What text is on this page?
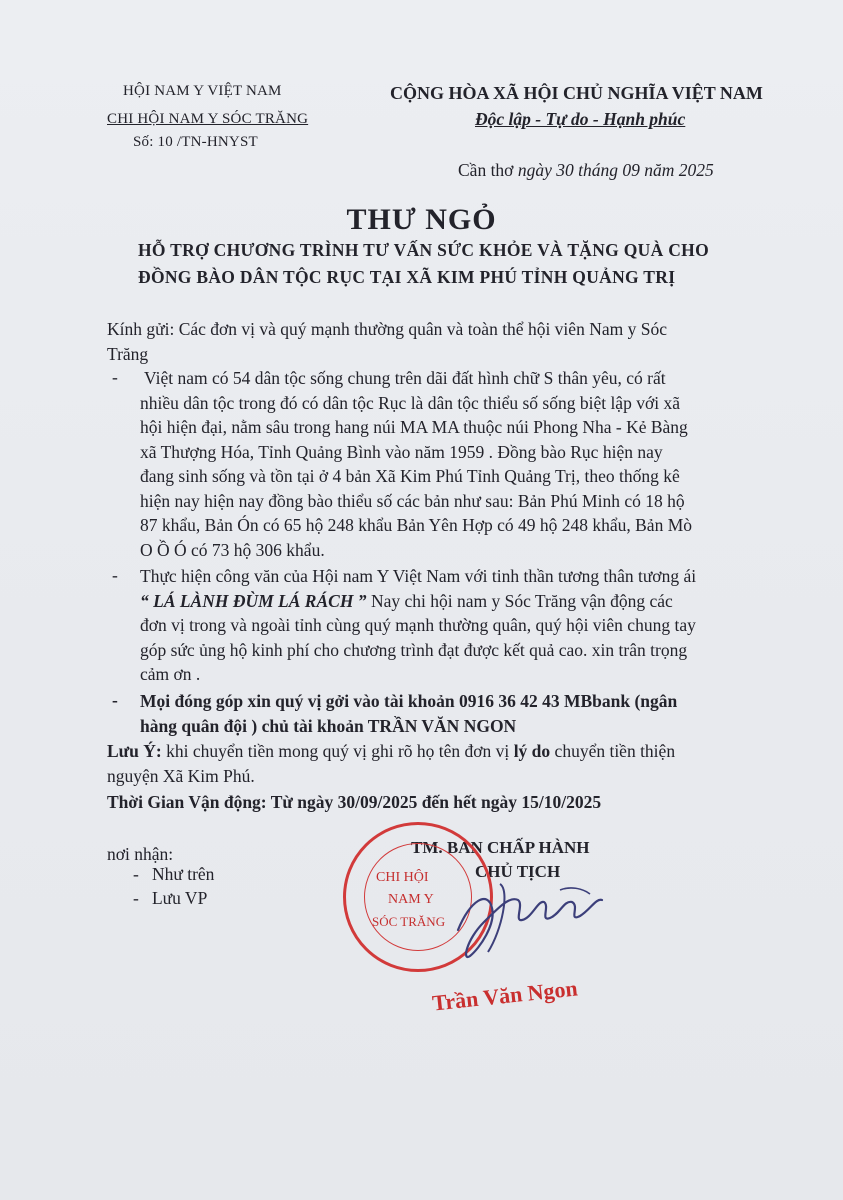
HỘI NAM Y VIỆT NAM
CHI HỘI NAM Y SÓC TRĂNG
Số: 10 /TN-HNYST
CỘNG HÒA XÃ HỘI CHỦ NGHĨA VIỆT NAM
Độc lập - Tự do - Hạnh phúc
Cần thơ ngày 30 tháng 09 năm 2025
THƯ NGỎ
HỖ TRỢ CHƯƠNG TRÌNH TƯ VẤN SỨC KHỎE VÀ TẶNG QUÀ CHO
ĐỒNG BÀO DÂN TỘC RỤC TẠI XÃ KIM PHÚ TỈNH QUẢNG TRỊ
Kính gửi: Các đơn vị và quý mạnh thường quân và toàn thể hội viên Nam y Sóc
Trăng
- Việt nam có 54 dân tộc sống chung trên dãi đất hình chữ S thân yêu, có rất
nhiều dân tộc trong đó có dân tộc Rục là dân tộc thiểu số sống biệt lập với xã
hội hiện đại, nằm sâu trong hang núi MA MA thuộc núi Phong Nha - Kẻ Bàng
xã Thượng Hóa, Tỉnh Quảng Bình vào năm 1959 . Đồng bào Rục hiện nay
đang sinh sống và tồn tại ở 4 bản Xã Kim Phú Tỉnh Quảng Trị, theo thống kê
hiện nay hiện nay đồng bào thiểu số các bản như sau: Bản Phú Minh có 18 hộ
87 khẩu, Bản Ón có 65 hộ 248 khẩu Bản Yên Hợp có 49 hộ 248 khẩu, Bản Mò
O Ồ Ó có 73 hộ 306 khẩu.
- Thực hiện công văn của Hội nam Y Việt Nam với tinh thần tương thân tương ái
“ LÁ LÀNH ĐÙM LÁ RÁCH ” Nay chi hội nam y Sóc Trăng vận động các
đơn vị trong và ngoài tỉnh cùng quý mạnh thường quân, quý hội viên chung tay
góp sức ủng hộ kinh phí cho chương trình đạt được kết quả cao. xin trân trọng
cảm ơn .
- Mọi đóng góp xin quý vị gởi vào tài khoản 0916 36 42 43 MBbank (ngân
hàng quân đội ) chủ tài khoản TRẦN VĂN NGON
Lưu Ý: khi chuyển tiền mong quý vị ghi rõ họ tên đơn vị lý do chuyển tiền thiện
nguyện Xã Kim Phú.
Thời Gian Vận động: Từ ngày 30/09/2025 đến hết ngày 15/10/2025
nơi nhận:
-   Như trên
-   Lưu VP
TM. BAN CHẤP HÀNH
CHỦ TỊCH
CHI HỘI
NAM Y
SÓC TRĂNG
Trần Văn Ngon
